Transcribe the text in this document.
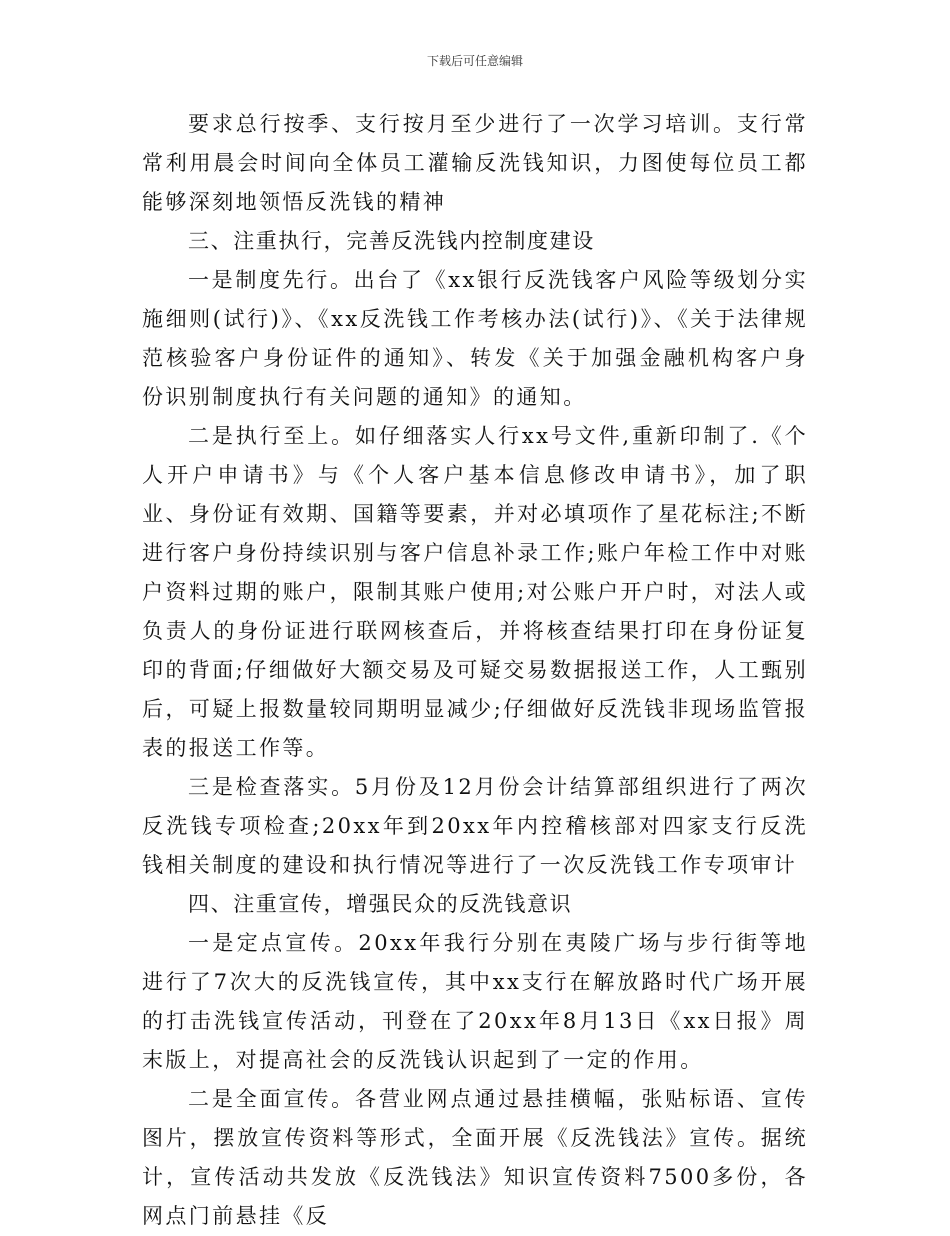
下载后可任意编辑

要求总行按季、支行按月至少进行了一次学习培训。支行常常利用晨会时间向全体员工灌输反洗钱知识，力图使每位员工都能够深刻地领悟反洗钱的精神

三、注重执行，完善反洗钱内控制度建设

一是制度先行。出台了《xx银行反洗钱客户风险等级划分实施细则(试行)》、《xx反洗钱工作考核办法(试行)》、《关于法律规范核验客户身份证件的通知》、转发《关于加强金融机构客户身份识别制度执行有关问题的通知》的通知。

二是执行至上。如仔细落实人行xx号文件,重新印制了.《个人开户申请书》与《个人客户基本信息修改申请书》，加了职业、身份证有效期、国籍等要素，并对必填项作了星花标注;不断进行客户身份持续识别与客户信息补录工作;账户年检工作中对账户资料过期的账户，限制其账户使用;对公账户开户时，对法人或负责人的身份证进行联网核查后，并将核查结果打印在身份证复印的背面;仔细做好大额交易及可疑交易数据报送工作，人工甄别后，可疑上报数量较同期明显减少;仔细做好反洗钱非现场监管报表的报送工作等。

三是检查落实。5月份及12月份会计结算部组织进行了两次反洗钱专项检查;20xx年到20xx年内控稽核部对四家支行反洗钱相关制度的建设和执行情况等进行了一次反洗钱工作专项审计

四、注重宣传，增强民众的反洗钱意识

一是定点宣传。20xx年我行分别在夷陵广场与步行街等地进行了7次大的反洗钱宣传，其中xx支行在解放路时代广场开展的打击洗钱宣传活动，刊登在了20xx年8月13日《xx日报》周末版上，对提高社会的反洗钱认识起到了一定的作用。

二是全面宣传。各营业网点通过悬挂横幅，张贴标语、宣传图片，摆放宣传资料等形式，全面开展《反洗钱法》宣传。据统计，宣传活动共发放《反洗钱法》知识宣传资料7500多份，各网点门前悬挂《反
